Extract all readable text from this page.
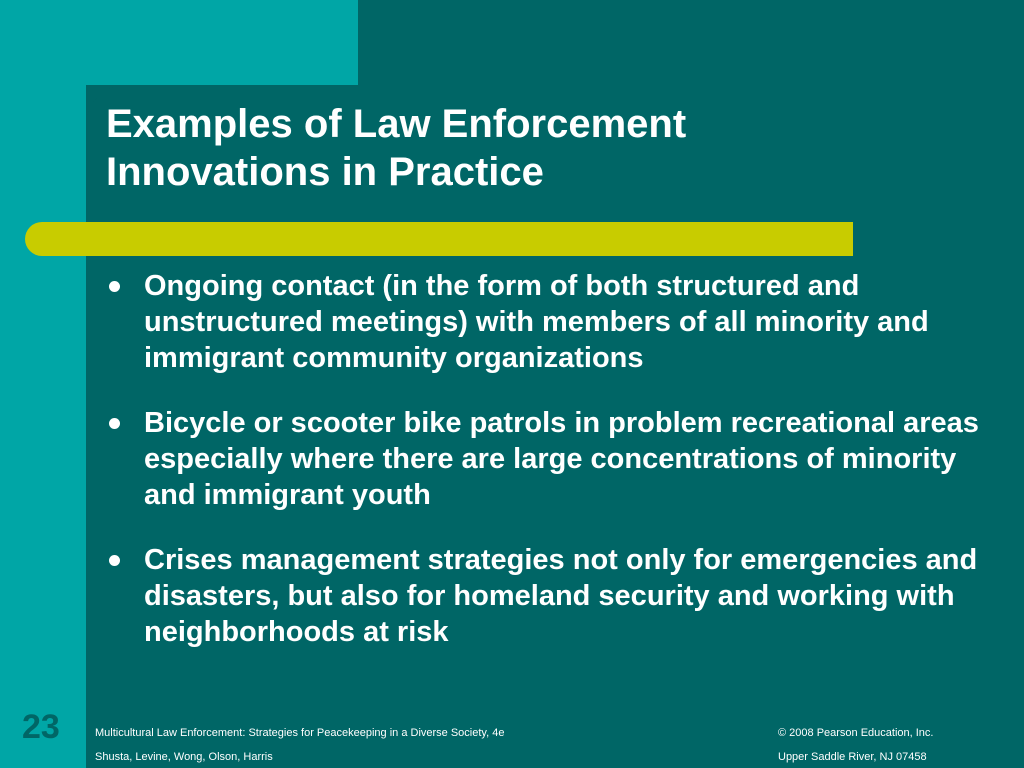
Examples of Law Enforcement
Innovations in Practice
Ongoing contact (in the form of both structured and unstructured meetings) with members of all minority and immigrant community organizations
Bicycle or scooter bike patrols in problem recreational areas especially where there are large concentrations of minority and immigrant youth
Crises management strategies not only for emergencies and disasters, but also for homeland security and working with neighborhoods at risk
23	Multicultural Law Enforcement: Strategies for Peacekeeping in a Diverse Society, 4e
Shusta, Levine, Wong, Olson, Harris
© 2008 Pearson Education, Inc.
Upper Saddle River, NJ 07458
